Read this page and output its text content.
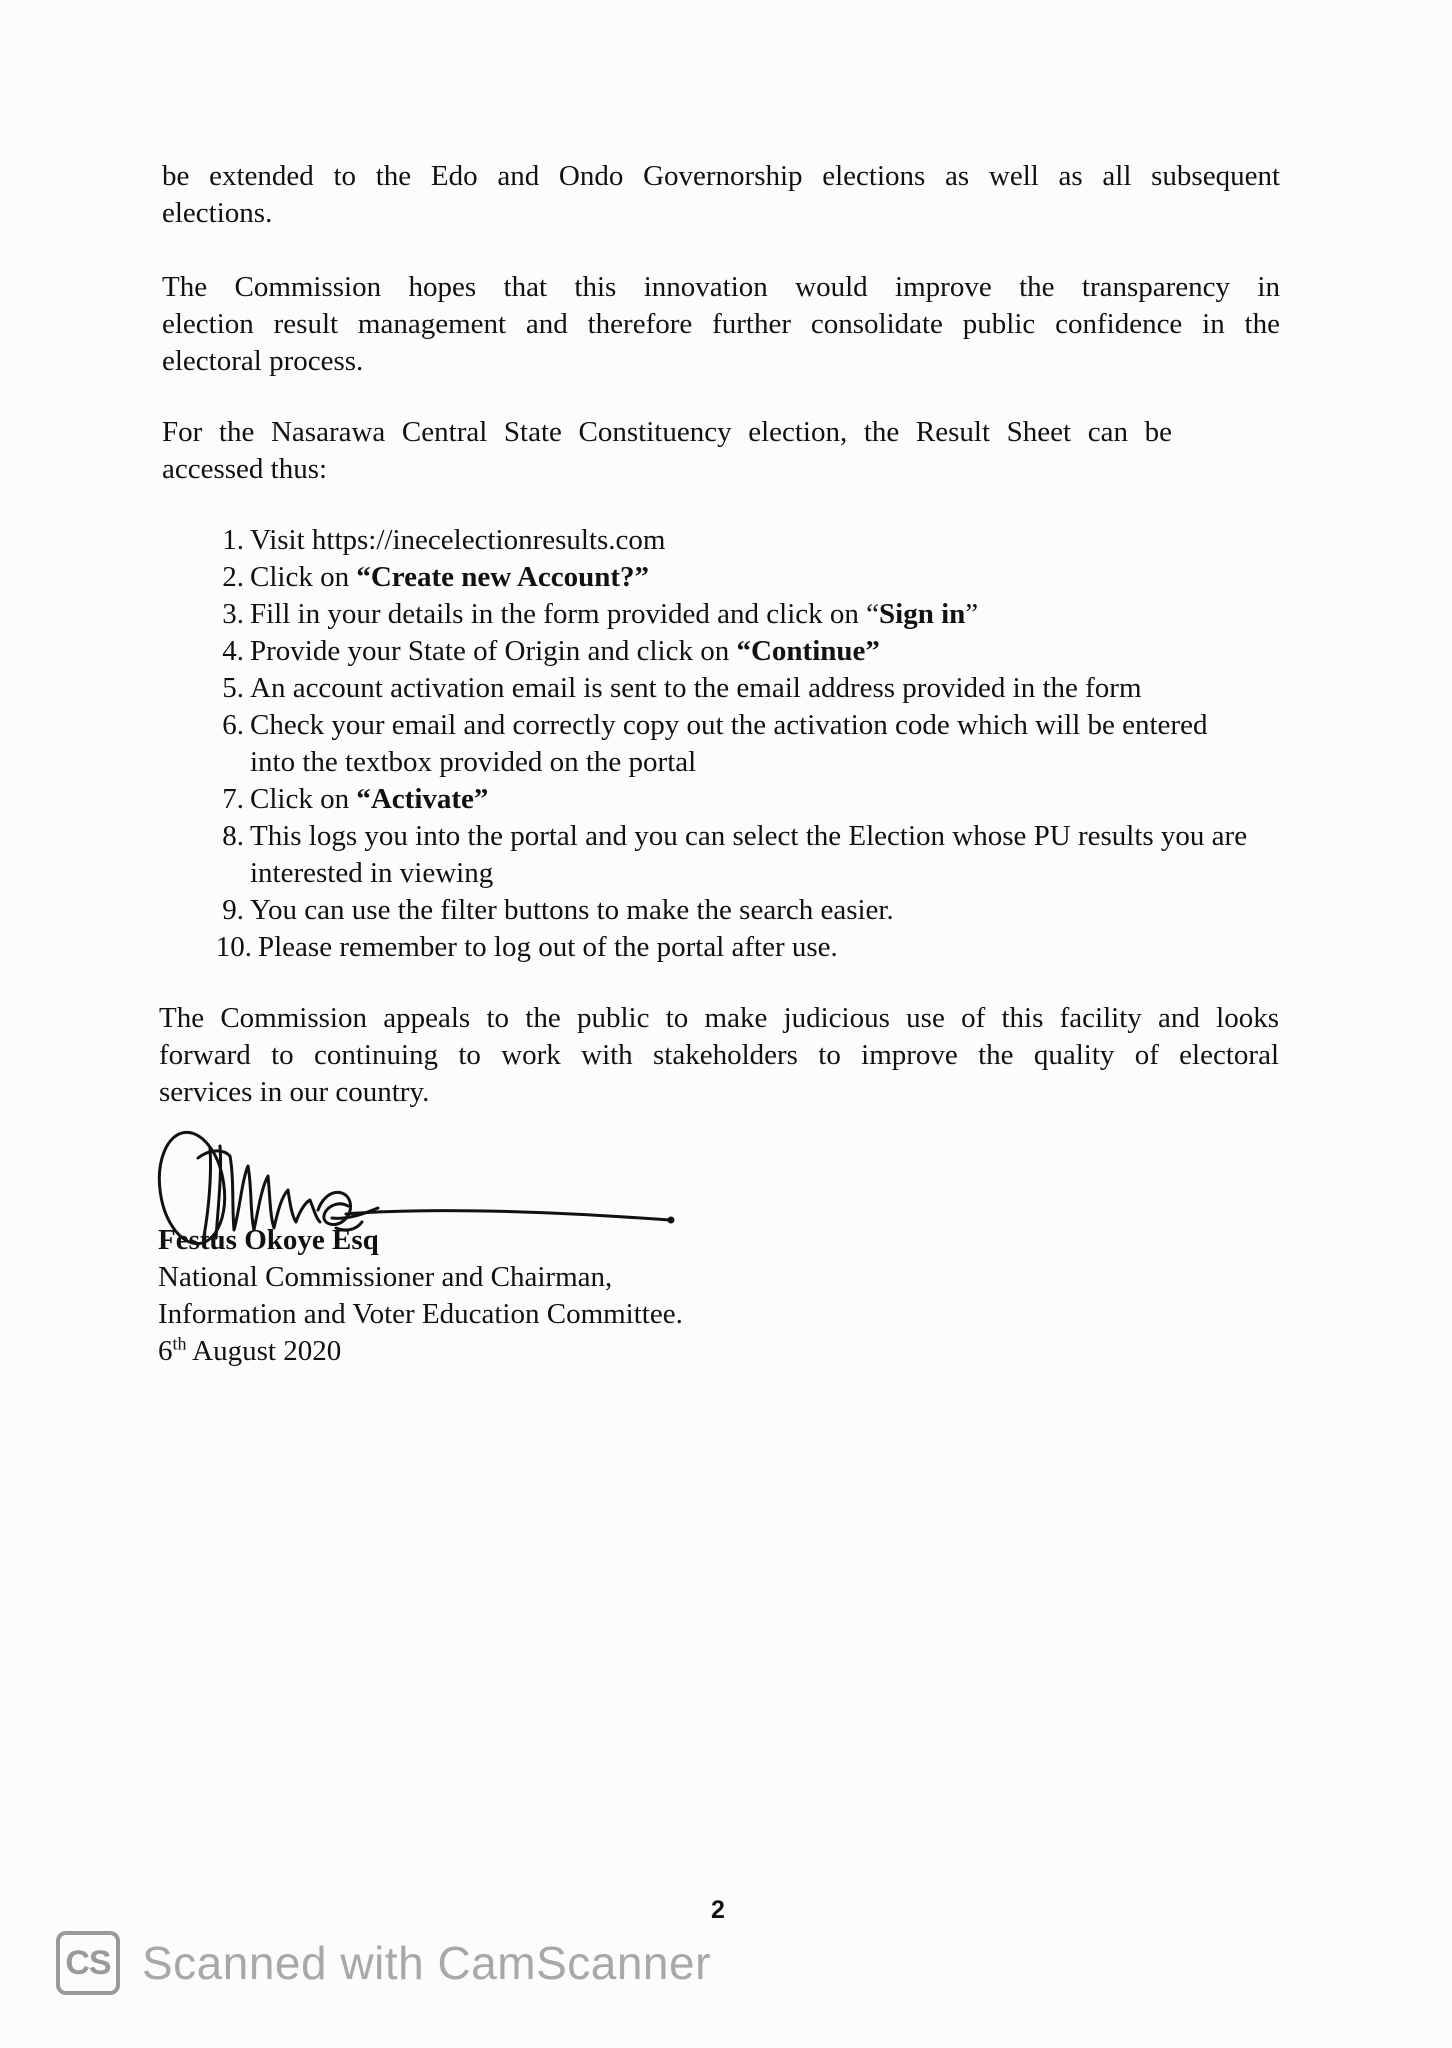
be extended to the Edo and Ondo Governorship elections as well as all subsequent
elections.
The Commission hopes that this innovation would improve the transparency in
election result management and therefore further consolidate public confidence in the
electoral process.
For the Nasarawa Central State Constituency election, the Result Sheet can be
accessed thus:
1. Visit https://inecelectionresults.com
2. Click on “Create new Account?”
3. Fill in your details in the form provided and click on “Sign in”
4. Provide your State of Origin and click on “Continue”
5. An account activation email is sent to the email address provided in the form
6. Check your email and correctly copy out the activation code which will be entered into the textbox provided on the portal
7. Click on “Activate”
8. This logs you into the portal and you can select the Election whose PU results you are interested in viewing
9. You can use the filter buttons to make the search easier.
10. Please remember to log out of the portal after use.
The Commission appeals to the public to make judicious use of this facility and looks
forward to continuing to work with stakeholders to improve the quality of electoral
services in our country.
Festus Okoye Esq
National Commissioner and Chairman,
Information and Voter Education Committee.
6th August 2020
2
CS Scanned with CamScanner
